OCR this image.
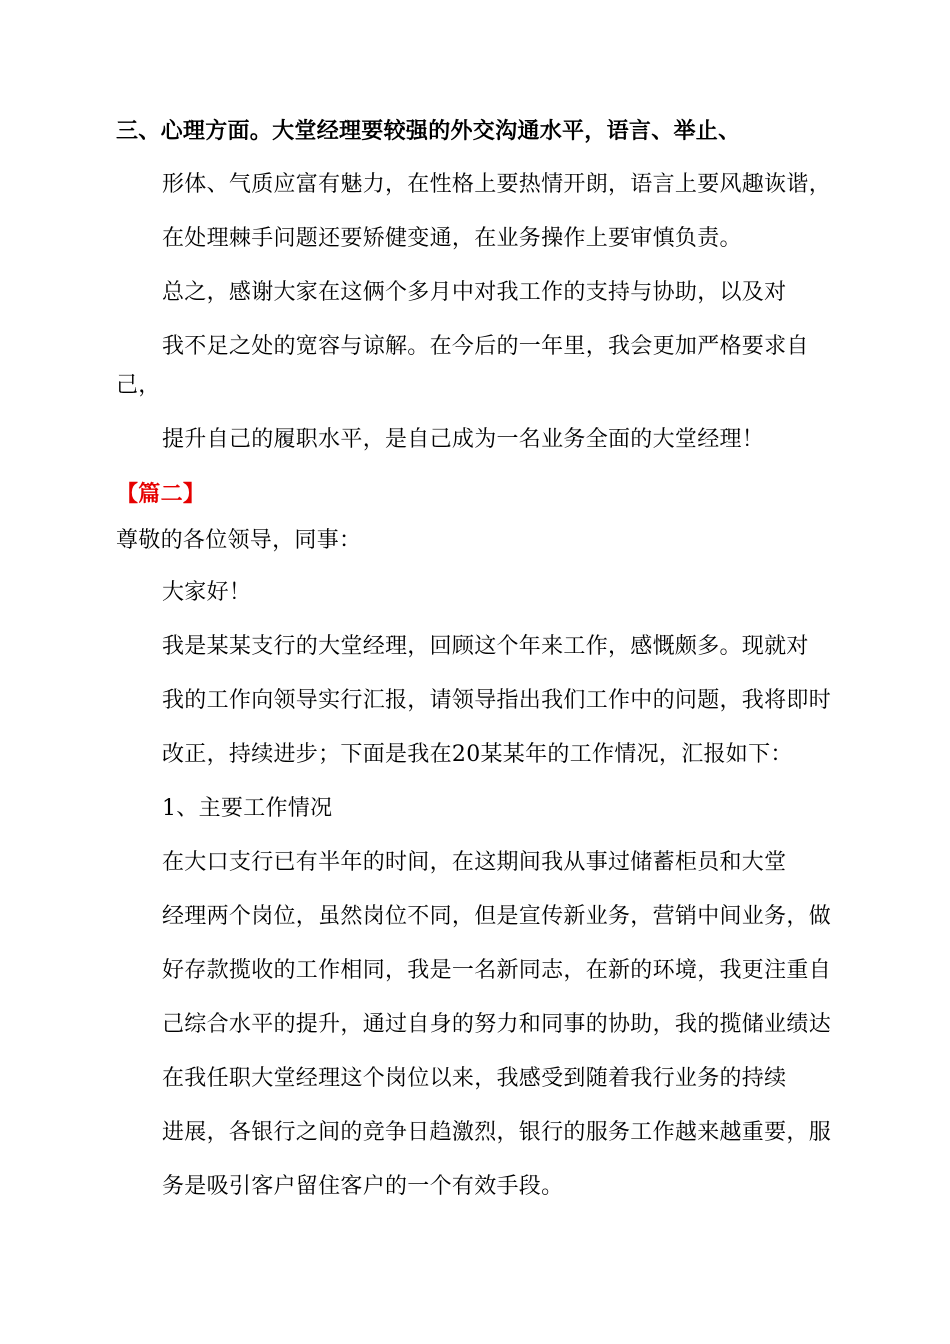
三、心理方面。大堂经理要较强的外交沟通水平，语言、举止、
形体、气质应富有魅力，在性格上要热情开朗，语言上要风趣诙谐，
在处理棘手问题还要矫健变通，在业务操作上要审慎负责。
总之，感谢大家在这俩个多月中对我工作的支持与协助，以及对
我不足之处的宽容与谅解。在今后的一年里，我会更加严格要求自
己，
提升自己的履职水平，是自己成为一名业务全面的大堂经理！
【篇二】
尊敬的各位领导，同事：
大家好！
我是某某支行的大堂经理，回顾这个年来工作，感慨颇多。现就对
我的工作向领导实行汇报，请领导指出我们工作中的问题，我将即时
改正，持续进步；下面是我在20某某年的工作情况，汇报如下：
1、主要工作情况
在大口支行已有半年的时间，在这期间我从事过储蓄柜员和大堂
经理两个岗位，虽然岗位不同，但是宣传新业务，营销中间业务，做
好存款揽收的工作相同，我是一名新同志，在新的环境，我更注重自
己综合水平的提升，通过自身的努力和同事的协助，我的揽储业绩达
在我任职大堂经理这个岗位以来，我感受到随着我行业务的持续
进展，各银行之间的竞争日趋激烈，银行的服务工作越来越重要，服
务是吸引客户留住客户的一个有效手段。
